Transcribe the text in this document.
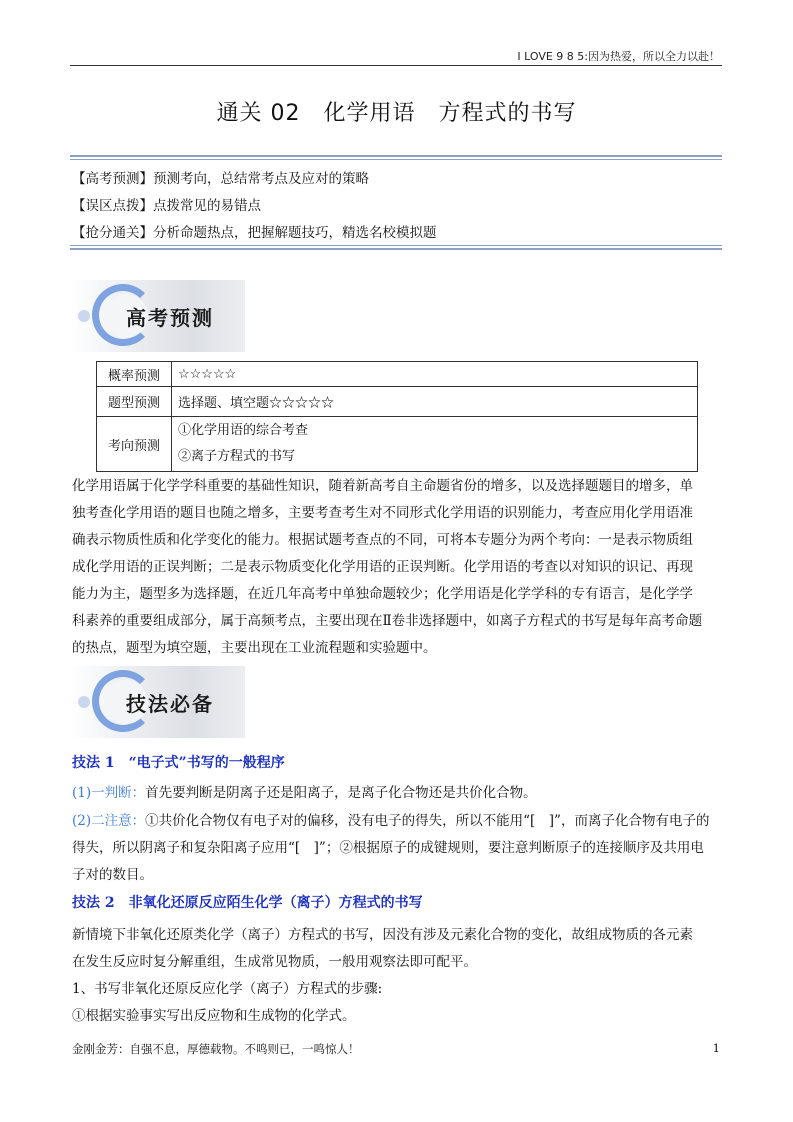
I LOVE 9 8 5:因为热爱，所以全力以赴！
通关 02　化学用语　方程式的书写
【高考预测】预测考向，总结常考点及应对的策略
【误区点拨】点拨常见的易错点
【抢分通关】分析命题热点，把握解题技巧，精选名校模拟题
高考预测
概率预测	☆☆☆☆☆
题型预测	选择题、填空题☆☆☆☆☆
考向预测	①化学用语的综合考查
②离子方程式的书写
化学用语属于化学学科重要的基础性知识，随着新高考自主命题省份的增多，以及选择题题目的增多，单
独考查化学用语的题目也随之增多，主要考查考生对不同形式化学用语的识别能力，考查应用化学用语准
确表示物质性质和化学变化的能力。根据试题考查点的不同，可将本专题分为两个考向：一是表示物质组
成化学用语的正误判断；二是表示物质变化化学用语的正误判断。化学用语的考查以对知识的识记、再现
能力为主，题型多为选择题，在近几年高考中单独命题较少；化学用语是化学学科的专有语言，是化学学
科素养的重要组成部分，属于高频考点，主要出现在Ⅱ卷非选择题中，如离子方程式的书写是每年高考命题
的热点，题型为填空题，主要出现在工业流程题和实验题中。
技法必备
技法 1　“电子式”书写的一般程序
(1)一判断：首先要判断是阴离子还是阳离子，是离子化合物还是共价化合物。
(2)二注意：①共价化合物仅有电子对的偏移，没有电子的得失，所以不能用“[　]”，而离子化合物有电子的
得失，所以阴离子和复杂阳离子应用“[　]”；②根据原子的成键规则，要注意判断原子的连接顺序及共用电
子对的数目。
技法 2　非氧化还原反应陌生化学（离子）方程式的书写
新情境下非氧化还原类化学（离子）方程式的书写，因没有涉及元素化合物的变化，故组成物质的各元素
在发生反应时复分解重组，生成常见物质，一般用观察法即可配平。
1、书写非氧化还原反应化学（离子）方程式的步骤:
①根据实验事实写出反应物和生成物的化学式。
金刚金芳：自强不息，厚德载物。不鸣则已，一鸣惊人！	1
